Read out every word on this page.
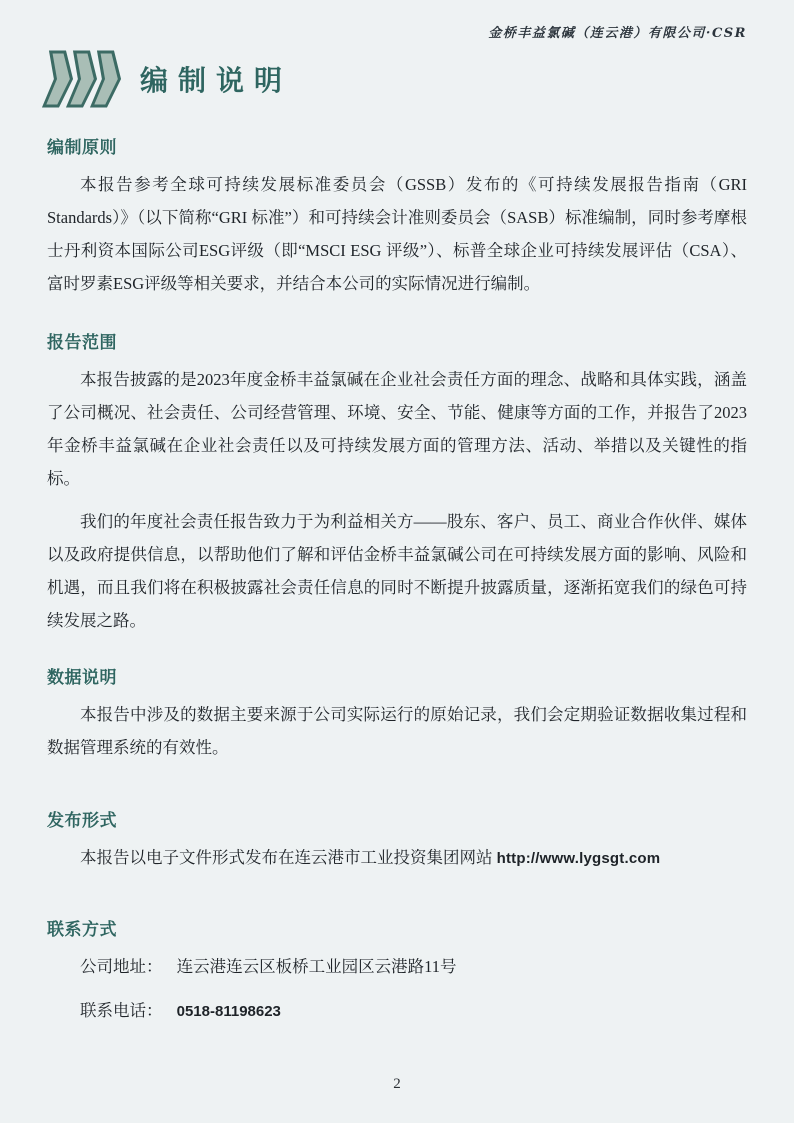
金桥丰益氯碱（连云港）有限公司·CSR
编制说明
编制原则

本报告参考全球可持续发展标准委员会（GSSB）发布的《可持续发展报告指南（GRI Standards）》（以下简称“GRI 标准”）和可持续会计准则委员会（SASB）标准编制，同时参考摩根士丹利资本国际公司ESG评级（即“MSCI ESG 评级”）、标普全球企业可持续发展评估（CSA）、富时罗素ESG评级等相关要求，并结合本公司的实际情况进行编制。

报告范围

本报告披露的是2023年度金桥丰益氯碱在企业社会责任方面的理念、战略和具体实践，涵盖了公司概况、社会责任、公司经营管理、环境、安全、节能、健康等方面的工作，并报告了2023 年金桥丰益氯碱在企业社会责任以及可持续发展方面的管理方法、活动、举措以及关键性的指标。

我们的年度社会责任报告致力于为利益相关方——股东、客户、员工、商业合作伙伴、媒体以及政府提供信息，以帮助他们了解和评估金桥丰益氯碱公司在可持续发展方面的影响、风险和机遇，而且我们将在积极披露社会责任信息的同时不断提升披露质量，逐渐拓宽我们的绿色可持续发展之路。

数据说明

本报告中涉及的数据主要来源于公司实际运行的原始记录，我们会定期验证数据收集过程和数据管理系统的有效性。

发布形式

本报告以电子文件形式发布在连云港市工业投资集团网站 http://www.lygsgt.com

联系方式
公司地址： 连云港连云区板桥工业园区云港路11号
联系电话： 0518-81198623
2
